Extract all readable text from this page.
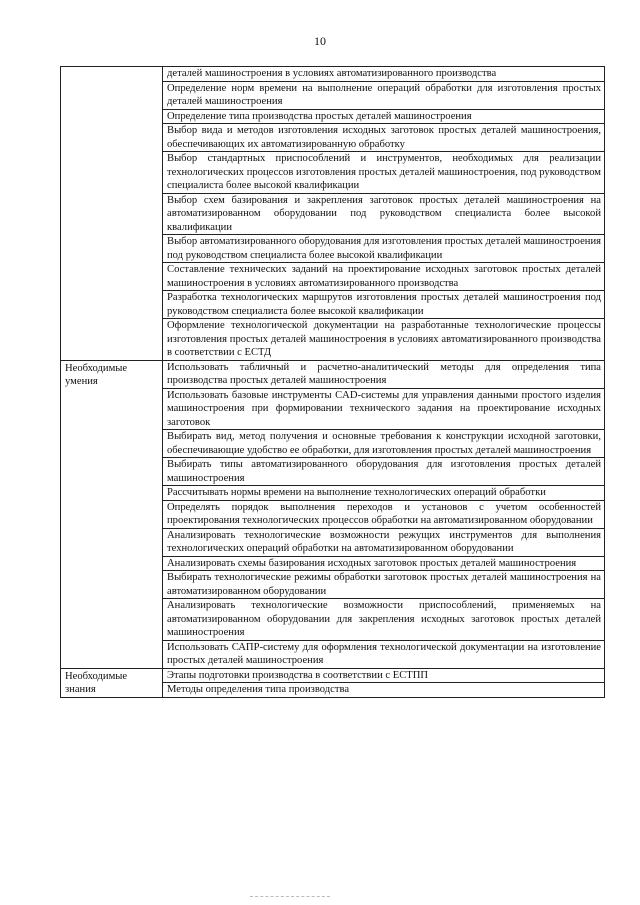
10
	деталей машиностроения в условиях автоматизированного производства
	Определение норм времени на выполнение операций обработки для изготовления простых деталей машиностроения
	Определение типа производства простых деталей машиностроения
	Выбор вида и методов изготовления исходных заготовок простых деталей машиностроения, обеспечивающих их автоматизированную обработку
	Выбор стандартных приспособлений и инструментов, необходимых для реализации технологических процессов изготовления простых деталей машиностроения, под руководством специалиста более высокой квалификации
	Выбор схем базирования и закрепления заготовок простых деталей машиностроения на автоматизированном оборудовании под руководством специалиста более высокой квалификации
	Выбор автоматизированного оборудования для изготовления простых деталей машиностроения под руководством специалиста более высокой квалификации
	Составление технических заданий на проектирование исходных заготовок простых деталей машиностроения в условиях автоматизированного производства
	Разработка технологических маршрутов изготовления простых деталей машиностроения под руководством специалиста более высокой квалификации
	Оформление технологической документации на разработанные технологические процессы изготовления простых деталей машиностроения в условиях автоматизированного производства в соответствии с ЕСТД
Необходимые умения	Использовать табличный и расчетно-аналитический методы для определения типа производства простых деталей машиностроения
	Использовать базовые инструменты CAD-системы для управления данными простого изделия машиностроения при формировании технического задания на проектирование исходных заготовок
	Выбирать вид, метод получения и основные требования к конструкции исходной заготовки, обеспечивающие удобство ее обработки, для изготовления простых деталей машиностроения
	Выбирать типы автоматизированного оборудования для изготовления простых деталей машиностроения
	Рассчитывать нормы времени на выполнение технологических операций обработки
	Определять порядок выполнения переходов и установов с учетом особенностей проектирования технологических процессов обработки на автоматизированном оборудовании
	Анализировать технологические возможности режущих инструментов для выполнения технологических операций обработки на автоматизированном оборудовании
	Анализировать схемы базирования исходных заготовок простых деталей машиностроения
	Выбирать технологические режимы обработки заготовок простых деталей машиностроения на автоматизированном оборудовании
	Анализировать технологические возможности приспособлений, применяемых на автоматизированном оборудовании для закрепления исходных заготовок простых деталей машиностроения
	Использовать САПР-систему для оформления технологической документации на изготовление простых деталей машиностроения
Необходимые знания	Этапы подготовки производства в соответствии с ЕСТПП
	Методы определения типа производства
